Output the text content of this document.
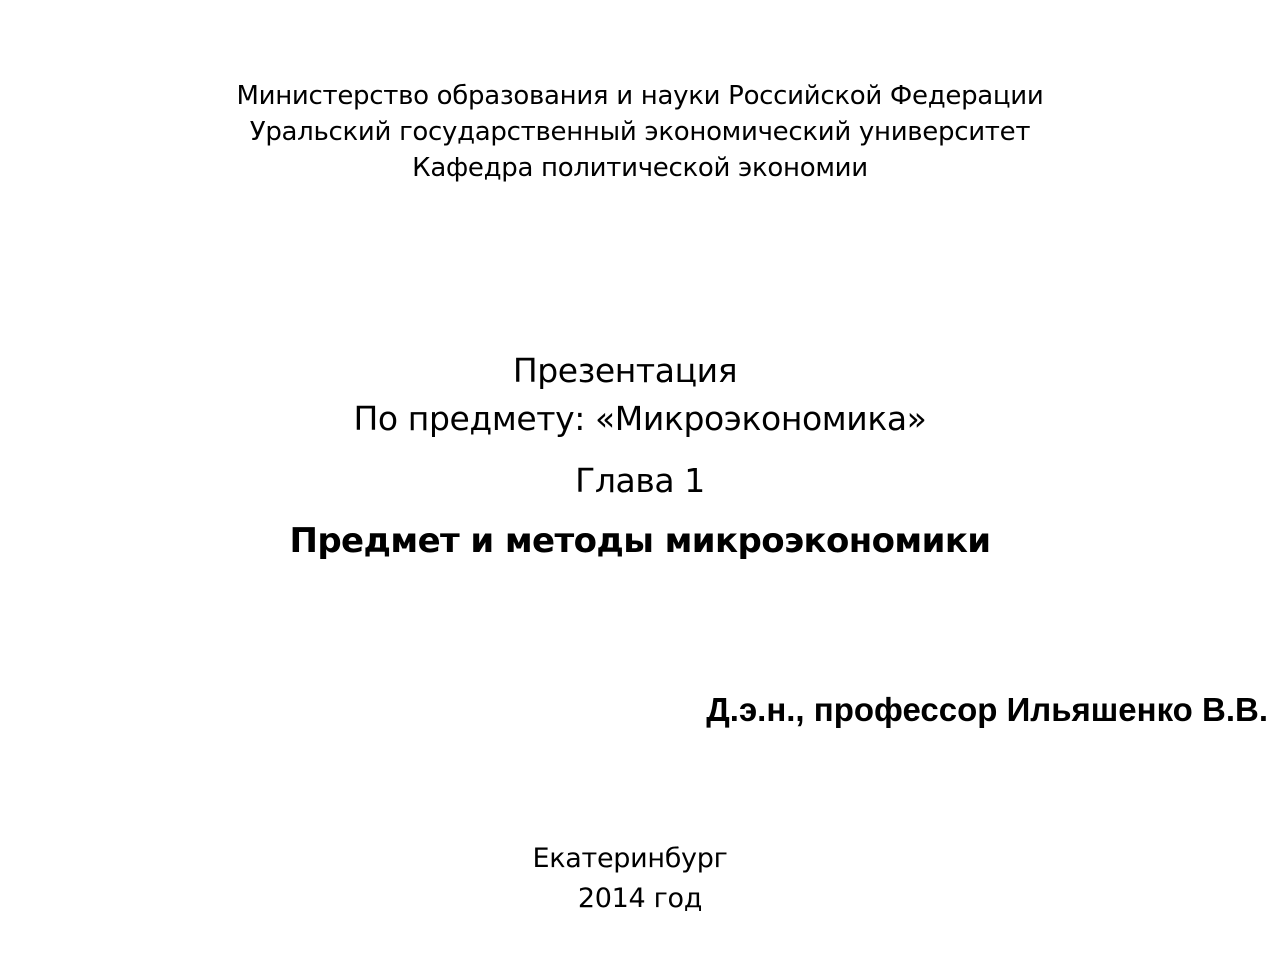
Министерство образования и науки Российской Федерации
Уральский государственный экономический университет
Кафедра политической экономии
Презентация
По предмету: «Микроэкономика»
Глава 1
Предмет и методы микроэкономики
Д.э.н., профессор Ильяшенко В.В.
Екатеринбург
2014 год
